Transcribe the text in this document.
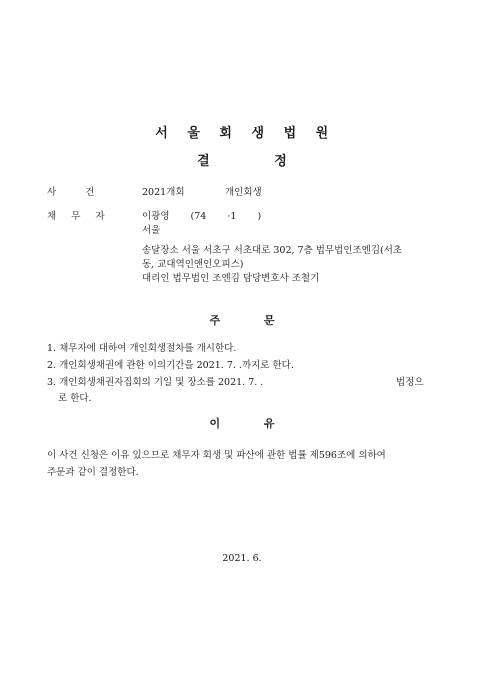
서 울 회 생 법 원
결 정
사 건	2021개회	개인회생
채 무 자	이광영 (74 ·1 )
서울
송달장소 서울 서초구 서초대로 302, 7층 법무법인조엔김(서초
동, 교대역인앤인오피스)
대리인 법무법인 조엔김 담당변호사 조철기
주 문
1. 채무자에 대하여 개인회생절차를 개시한다.
2. 개인회생채권에 관한 이의기간을 2021. 7. .까지로 한다.
3. 개인회생채권자집회의 기일 및 장소를 2021. 7. .	법정으
로 한다.
이 유
이 사건 신청은 이유 있으므로 채무자 회생 및 파산에 관한 법률 제596조에 의하여
주문과 같이 결정한다.
2021. 6.
